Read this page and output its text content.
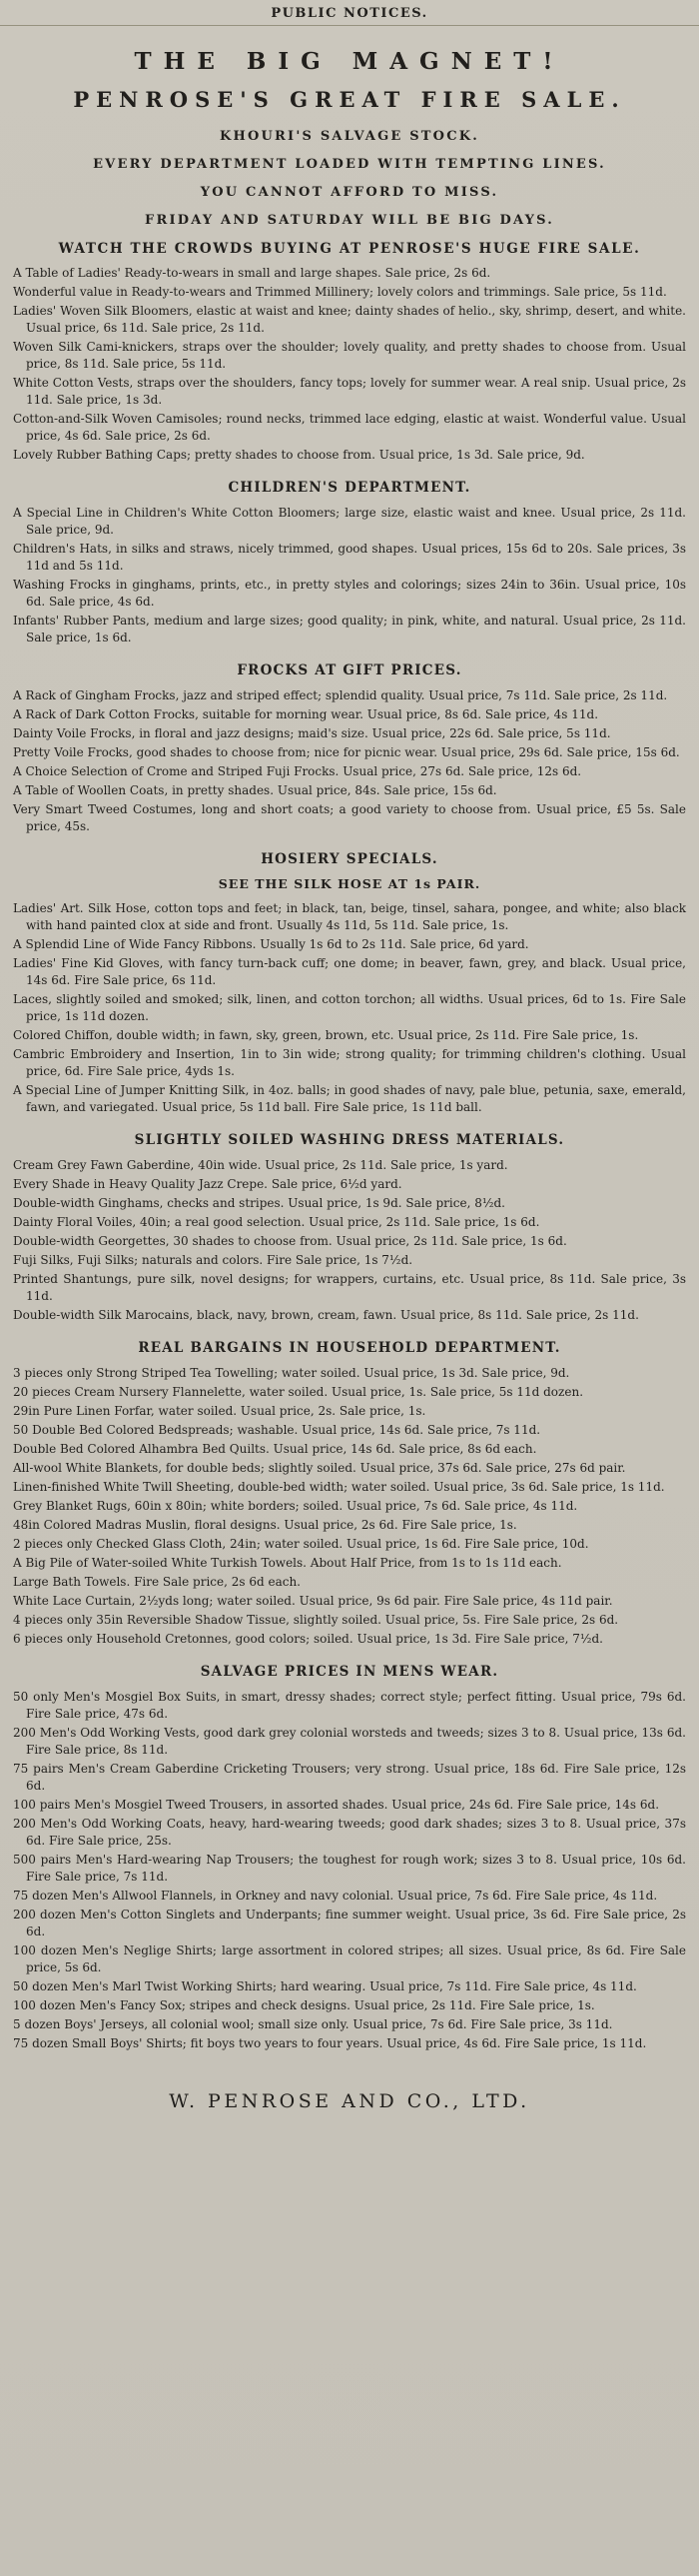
PUBLIC NOTICES.
THE BIG MAGNET!
PENROSE'S GREAT FIRE SALE.
KHOURI'S SALVAGE STOCK.
EVERY DEPARTMENT LOADED WITH TEMPTING LINES.
YOU CANNOT AFFORD TO MISS.
FRIDAY AND SATURDAY WILL BE BIG DAYS.
WATCH THE CROWDS BUYING AT PENROSE'S HUGE FIRE SALE.

A Table of Ladies' Ready-to-wears in small and large shapes. Sale price, 2s 6d.

Wonderful value in Ready-to-wears and Trimmed Millinery; lovely colors and trimmings. Sale price, 5s 11d.

Ladies' Woven Silk Bloomers, elastic at waist and knee; dainty shades of helio., sky, shrimp, desert, and white. Usual price, 6s 11d. Sale price, 2s 11d.

Woven Silk Cami-knickers, straps over the shoulder; lovely quality, and pretty shades to choose from. Usual price, 8s 11d. Sale price, 5s 11d.

White Cotton Vests, straps over the shoulders, fancy tops; lovely for summer wear. A real snip. Usual price, 2s 11d. Sale price, 1s 3d.

Cotton-and-Silk Woven Camisoles; round necks, trimmed lace edging, elastic at waist. Wonderful value. Usual price, 4s 6d. Sale price, 2s 6d.

Lovely Rubber Bathing Caps; pretty shades to choose from. Usual price, 1s 3d. Sale price, 9d.

CHILDREN'S DEPARTMENT.

A Special Line in Children's White Cotton Bloomers; large size, elastic waist and knee. Usual price, 2s 11d. Sale price, 9d.

Children's Hats, in silks and straws, nicely trimmed, good shapes. Usual prices, 15s 6d to 20s. Sale prices, 3s 11d and 5s 11d.

Washing Frocks in ginghams, prints, etc., in pretty styles and colorings; sizes 24in to 36in. Usual price, 10s 6d. Sale price, 4s 6d.

Infants' Rubber Pants, medium and large sizes; good quality; in pink, white, and natural. Usual price, 2s 11d. Sale price, 1s 6d.

FROCKS AT GIFT PRICES.

A Rack of Gingham Frocks, jazz and striped effect; splendid quality. Usual price, 7s 11d. Sale price, 2s 11d.

A Rack of Dark Cotton Frocks, suitable for morning wear. Usual price, 8s 6d. Sale price, 4s 11d.

Dainty Voile Frocks, in floral and jazz designs; maid's size. Usual price, 22s 6d. Sale price, 5s 11d.

Pretty Voile Frocks, good shades to choose from; nice for picnic wear. Usual price, 29s 6d. Sale price, 15s 6d.

A Choice Selection of Crome and Striped Fuji Frocks. Usual price, 27s 6d. Sale price, 12s 6d.

A Table of Woollen Coats, in pretty shades. Usual price, 84s. Sale price, 15s 6d.

Very Smart Tweed Costumes, long and short coats; a good variety to choose from. Usual price, £5 5s. Sale price, 45s.

HOSIERY SPECIALS.
SEE THE SILK HOSE AT 1s PAIR.

Ladies' Art. Silk Hose, cotton tops and feet; in black, tan, beige, tinsel, sahara, pongee, and white; also black with hand painted clox at side and front. Usually 4s 11d, 5s 11d. Sale price, 1s.

A Splendid Line of Wide Fancy Ribbons. Usually 1s 6d to 2s 11d. Sale price, 6d yard.

Ladies' Fine Kid Gloves, with fancy turn-back cuff; one dome; in beaver, fawn, grey, and black. Usual price, 14s 6d. Fire Sale price, 6s 11d.

Laces, slightly soiled and smoked; silk, linen, and cotton torchon; all widths. Usual prices, 6d to 1s. Fire Sale price, 1s 11d dozen.

Colored Chiffon, double width; in fawn, sky, green, brown, etc. Usual price, 2s 11d. Fire Sale price, 1s.

Cambric Embroidery and Insertion, 1in to 3in wide; strong quality; for trimming children's clothing. Usual price, 6d. Fire Sale price, 4yds 1s.

A Special Line of Jumper Knitting Silk, in 4oz. balls; in good shades of navy, pale blue, petunia, saxe, emerald, fawn, and variegated. Usual price, 5s 11d ball. Fire Sale price, 1s 11d ball.

SLIGHTLY SOILED WASHING DRESS MATERIALS.

Cream Grey Fawn Gaberdine, 40in wide. Usual price, 2s 11d. Sale price, 1s yard.

Every Shade in Heavy Quality Jazz Crepe. Sale price, 6½d yard.

Double-width Ginghams, checks and stripes. Usual price, 1s 9d. Sale price, 8½d.

Dainty Floral Voiles, 40in; a real good selection. Usual price, 2s 11d. Sale price, 1s 6d.

Double-width Georgettes, 30 shades to choose from. Usual price, 2s 11d. Sale price, 1s 6d.

Fuji Silks, Fuji Silks; naturals and colors. Fire Sale price, 1s 7½d.

Printed Shantungs, pure silk, novel designs; for wrappers, curtains, etc. Usual price, 8s 11d. Sale price, 3s 11d.

Double-width Silk Marocains, black, navy, brown, cream, fawn. Usual price, 8s 11d. Sale price, 2s 11d.

REAL BARGAINS IN HOUSEHOLD DEPARTMENT.

3 pieces only Strong Striped Tea Towelling; water soiled. Usual price, 1s 3d. Sale price, 9d.

20 pieces Cream Nursery Flannelette, water soiled. Usual price, 1s. Sale price, 5s 11d dozen.

29in Pure Linen Forfar, water soiled. Usual price, 2s. Sale price, 1s.

50 Double Bed Colored Bedspreads; washable. Usual price, 14s 6d. Sale price, 7s 11d.

Double Bed Colored Alhambra Bed Quilts. Usual price, 14s 6d. Sale price, 8s 6d each.

All-wool White Blankets, for double beds; slightly soiled. Usual price, 37s 6d. Sale price, 27s 6d pair.

Linen-finished White Twill Sheeting, double-bed width; water soiled. Usual price, 3s 6d. Sale price, 1s 11d.

Grey Blanket Rugs, 60in x 80in; white borders; soiled. Usual price, 7s 6d. Sale price, 4s 11d.

48in Colored Madras Muslin, floral designs. Usual price, 2s 6d. Fire Sale price, 1s.

2 pieces only Checked Glass Cloth, 24in; water soiled. Usual price, 1s 6d. Fire Sale price, 10d.

A Big Pile of Water-soiled White Turkish Towels. About Half Price, from 1s to 1s 11d each.

Large Bath Towels. Fire Sale price, 2s 6d each.

White Lace Curtain, 2½yds long; water soiled. Usual price, 9s 6d pair. Fire Sale price, 4s 11d pair.

4 pieces only 35in Reversible Shadow Tissue, slightly soiled. Usual price, 5s. Fire Sale price, 2s 6d.

6 pieces only Household Cretonnes, good colors; soiled. Usual price, 1s 3d. Fire Sale price, 7½d.

SALVAGE PRICES IN MENS WEAR.

50 only Men's Mosgiel Box Suits, in smart, dressy shades; correct style; perfect fitting. Usual price, 79s 6d. Fire Sale price, 47s 6d.

200 Men's Odd Working Vests, good dark grey colonial worsteds and tweeds; sizes 3 to 8. Usual price, 13s 6d. Fire Sale price, 8s 11d.

75 pairs Men's Cream Gaberdine Cricketing Trousers; very strong. Usual price, 18s 6d. Fire Sale price, 12s 6d.

100 pairs Men's Mosgiel Tweed Trousers, in assorted shades. Usual price, 24s 6d. Fire Sale price, 14s 6d.

200 Men's Odd Working Coats, heavy, hard-wearing tweeds; good dark shades; sizes 3 to 8. Usual price, 37s 6d. Fire Sale price, 25s.

500 pairs Men's Hard-wearing Nap Trousers; the toughest for rough work; sizes 3 to 8. Usual price, 10s 6d. Fire Sale price, 7s 11d.

75 dozen Men's Allwool Flannels, in Orkney and navy colonial. Usual price, 7s 6d. Fire Sale price, 4s 11d.

200 dozen Men's Cotton Singlets and Underpants; fine summer weight. Usual price, 3s 6d. Fire Sale price, 2s 6d.

100 dozen Men's Neglige Shirts; large assortment in colored stripes; all sizes. Usual price, 8s 6d. Fire Sale price, 5s 6d.

50 dozen Men's Marl Twist Working Shirts; hard wearing. Usual price, 7s 11d. Fire Sale price, 4s 11d.

100 dozen Men's Fancy Sox; stripes and check designs. Usual price, 2s 11d. Fire Sale price, 1s.

5 dozen Boys' Jerseys, all colonial wool; small size only. Usual price, 7s 6d. Fire Sale price, 3s 11d.

75 dozen Small Boys' Shirts; fit boys two years to four years. Usual price, 4s 6d. Fire Sale price, 1s 11d.

W. PENROSE AND CO., LTD.
